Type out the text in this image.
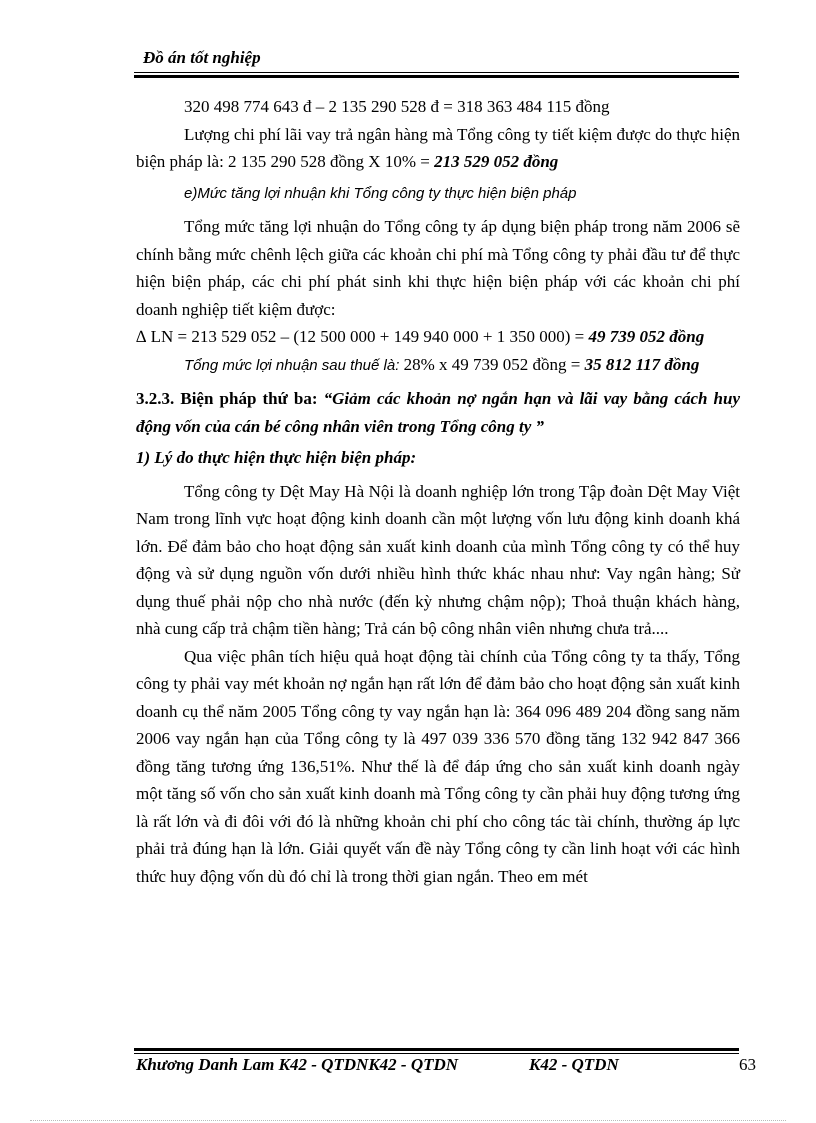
Đồ án tốt nghiệp

320 498 774 643 đ – 2 135 290 528 đ = 318 363 484 115 đồng

Lượng chi phí lãi vay trả ngân hàng mà Tổng công ty tiết kiệm được do thực hiện biện pháp là: 2 135 290 528 đồng X 10% = 213 529 052 đồng

e)Mức tăng lợi nhuận khi Tổng công ty thực hiện biện pháp

Tổng mức tăng lợi nhuận do Tổng công ty áp dụng biện pháp trong năm 2006 sẽ chính bằng mức chênh lệch giữa các khoản chi phí mà Tổng công ty phải đầu tư để thực hiện biện pháp, các chi phí phát sinh khi thực hiện biện pháp với các khoản chi phí doanh nghiệp tiết kiệm được:

∆ LN = 213 529 052 – (12 500 000 + 149 940 000 + 1 350 000) = 49 739 052 đồng

Tổng mức lợi nhuận sau thuế là: 28% x 49 739 052 đồng = 35 812 117 đồng

3.2.3. Biện pháp thứ ba: “Giảm các khoản nợ ngắn hạn và lãi vay bằng cách huy động vốn của cán bé công nhân viên trong Tổng công ty ”

1) Lý do thực hiện thực hiện biện pháp:

Tổng công ty Dệt May Hà Nội là doanh nghiệp lớn trong Tập đoàn Dệt May Việt Nam trong lĩnh vực hoạt động kinh doanh cần một lượng vốn lưu động kinh doanh khá lớn. Để đảm bảo cho hoạt động sản xuất kinh doanh của mình Tổng công ty có thể huy động và sử dụng nguồn vốn dưới nhiều hình thức khác nhau như: Vay ngân hàng; Sử dụng thuế phải nộp cho nhà nước (đến kỳ nhưng chậm nộp); Thoả thuận khách hàng, nhà cung cấp trả chậm tiền hàng; Trả cán bộ công nhân viên nhưng chưa trả....

Qua việc phân tích hiệu quả hoạt động tài chính của Tổng công ty ta thấy, Tổng công ty phải vay mét khoản nợ ngắn hạn rất lớn để đảm bảo cho hoạt động sản xuất kinh doanh cụ thể năm 2005 Tổng công ty vay ngắn hạn là: 364 096 489 204 đồng sang năm 2006 vay ngắn hạn của Tổng công ty là 497 039 336 570 đồng tăng 132 942 847 366 đồng tăng tương ứng 136,51%. Như thế là để đáp ứng cho sản xuất kinh doanh ngày một tăng số vốn cho sản xuất kinh doanh mà Tổng công ty cần phải huy động tương ứng là rất lớn và đi đôi với đó là những khoản chi phí cho công tác tài chính, thường áp lực phải trả đúng hạn là lớn. Giải quyết vấn đề này Tổng công ty cần linh hoạt với các hình thức huy động vốn dù đó chỉ là trong thời gian ngắn. Theo em mét

Khương Danh Lam K42 - QTDNK42 - QTDN	K42 - QTDN	63
